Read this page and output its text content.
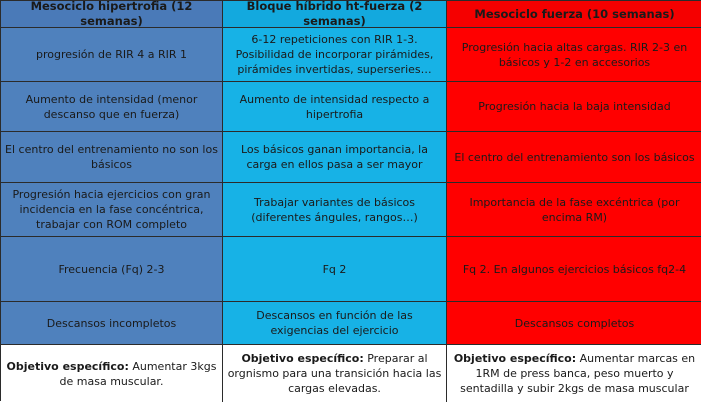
Mesociclo hipertrofia (12 semanas)
Bloque híbrido ht-fuerza (2 semanas)
Mesociclo fuerza (10 semanas)
progresión de RIR 4 a RIR 1
6-12 repeticiones con RIR 1-3. Posibilidad de incorporar pirámides, pirámides invertidas, superseries…
Progresión hacia altas cargas. RIR 2-3 en básicos y 1-2 en accesorios
Aumento de intensidad (menor descanso que en fuerza)
Aumento de intensidad respecto a hipertrofia
Progresión hacia la baja intensidad
El centro del entrenamiento no son los básicos
Los básicos ganan importancia, la carga en ellos pasa a ser mayor
El centro del entrenamiento son los básicos
Progresión hacia ejercicios con gran incidencia en la fase concéntrica, trabajar con ROM completo
Trabajar variantes de básicos (diferentes ángules, rangos…)
Importancia de la fase excéntrica (por encima RM)
Frecuencia (Fq) 2-3	Fq 2	Fq 2. En algunos ejercicios básicos fq2-4
Descansos incompletos
Descansos en función de las exigencias del ejercicio
Descansos completos
Objetivo específico: Aumentar 3kgs de masa muscular.
Objetivo específico: Preparar al orgnismo para una transición hacia las cargas elevadas.
Objetivo específico: Aumentar marcas en 1RM de press banca, peso muerto y sentadilla y subir 2kgs de masa muscular
